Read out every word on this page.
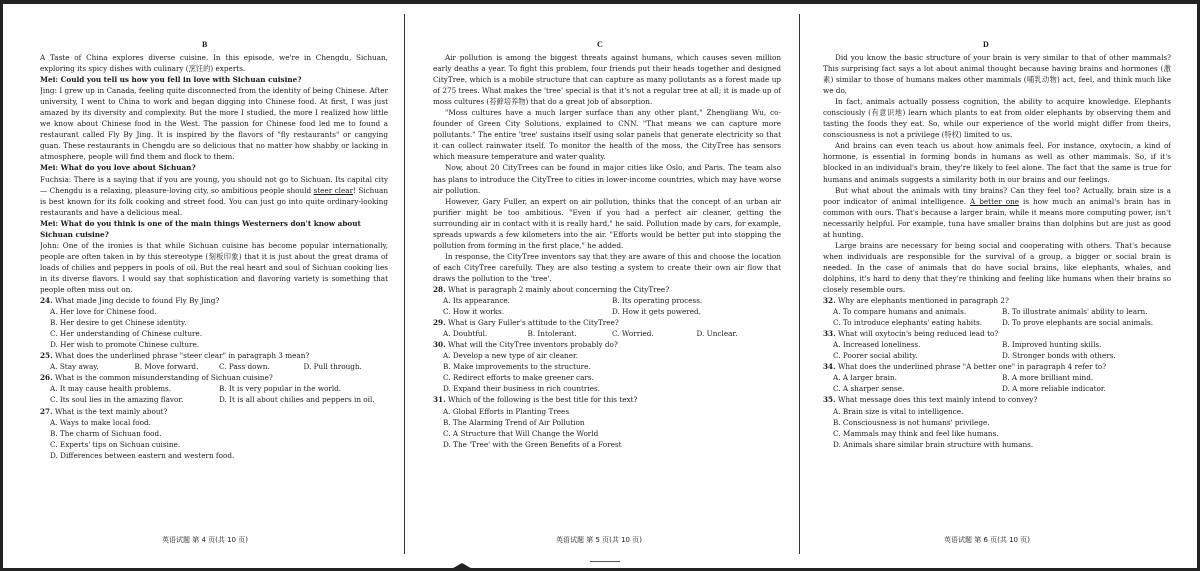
B

A Taste of China explores diverse cuisine. In this episode, we're in Chengdu, Sichuan, exploring its spicy dishes with culinary (烹饪的) experts.

Mei: Could you tell us how you fell in love with Sichuan cuisine?

Jing: I grew up in Canada, feeling quite disconnected from the identity of being Chinese. After university, I went to China to work and began digging into Chinese food. At first, I was just amazed by its diversity and complexity. But the more I studied, the more I realized how little we know about Chinese food in the West. The passion for Chinese food led me to found a restaurant called Fly By Jing. It is inspired by the flavors of "fly restaurants" or cangying guan. These restaurants in Chengdu are so delicious that no matter how shabby or lacking in atmosphere, people will find them and flock to them.

Mei: What do you love about Sichuan?

Fuchsia: There is a saying that if you are young, you should not go to Sichuan. Its capital city — Chengdu is a relaxing, pleasure-loving city, so ambitious people should steer clear! Sichuan is best known for its folk cooking and street food. You can just go into quite ordinary-looking restaurants and have a delicious meal.

Mei: What do you think is one of the main things Westerners don't know about Sichuan cuisine?

John: One of the ironies is that while Sichuan cuisine has become popular internationally, people are often taken in by this stereotype (刻板印象) that it is just about the great drama of loads of chilies and peppers in pools of oil. But the real heart and soul of Sichuan cooking lies in its diverse flavors. I would say that sophistication and flavoring variety is something that people often miss out on.

24. What made Jing decide to found Fly By Jing?

A. Her love for Chinese food.
B. Her desire to get Chinese identity.
C. Her understanding of Chinese culture.
D. Her wish to promote Chinese culture.

25. What does the underlined phrase "steer clear" in paragraph 3 mean?

A. Stay away.	B. Move forward.	C. Pass down.	D. Pull through.

26. What is the common misunderstanding of Sichuan cuisine?

A. It may cause health problems.	B. It is very popular in the world.
C. Its soul lies in the amazing flavor.	D. It is all about chilies and peppers in oil.

27. What is the text mainly about?

A. Ways to make local food.
B. The charm of Sichuan food.
C. Experts' tips on Sichuan cuisine.
D. Differences between eastern and western food.
英语试题 第 4 页(共 10 页)
C

Air pollution is among the biggest threats against humans, which causes seven million early deaths a year. To fight this problem, four friends put their heads together and designed CityTree, which is a mobile structure that can capture as many pollutants as a forest made up of 275 trees. What makes the 'tree' special is that it's not a regular tree at all; it is made up of moss cultures (苔藓培养物) that do a great job of absorption.

"Moss cultures have a much larger surface than any other plant," Zhengliang Wu, co-founder of Green City Solutions, explained to CNN. "That means we can capture more pollutants." The entire 'tree' sustains itself using solar panels that generate electricity so that it can collect rainwater itself. To monitor the health of the moss, the CityTree has sensors which measure temperature and water quality.

Now, about 20 CityTrees can be found in major cities like Oslo, and Paris. The team also has plans to introduce the CityTree to cities in lower-income countries, which may have worse air pollution.

However, Gary Fuller, an expert on air pollution, thinks that the concept of an urban air purifier might be too ambitious. "Even if you had a perfect air cleaner, getting the surrounding air in contact with it is really hard," he said. Pollution made by cars, for example, spreads upwards a few kilometers into the air. "Efforts would be better put into stopping the pollution from forming in the first place," he added.

In response, the CityTree inventors say that they are aware of this and choose the location of each CityTree carefully. They are also testing a system to create their own air flow that draws the pollution to the 'tree'.

28. What is paragraph 2 mainly about concerning the CityTree?

A. Its appearance.	B. Its operating process.
C. How it works.	D. How it gets powered.

29. What is Gary Fuller's attitude to the CityTree?

A. Doubtful.	B. Intolerant.	C. Worried.	D. Unclear.

30. What will the CityTree inventors probably do?

A. Develop a new type of air cleaner.
B. Make improvements to the structure.
C. Redirect efforts to make greener cars.
D. Expand their business in rich countries.

31. Which of the following is the best title for this text?

A. Global Efforts in Planting Trees
B. The Alarming Trend of Air Pollution
C. A Structure that Will Change the World
D. The 'Tree' with the Green Benefits of a Forest
英语试题 第 5 页(共 10 页)
D

Did you know the basic structure of your brain is very similar to that of other mammals? This surprising fact says a lot about animal thought because having brains and hormones (激素) similar to those of humans makes other mammals (哺乳动物) act, feel, and think much like we do.

In fact, animals actually possess cognition, the ability to acquire knowledge. Elephants consciously (有意识地) learn which plants to eat from older elephants by observing them and tasting the foods they eat. So, while our experience of the world might differ from theirs, consciousness is not a privilege (特权) limited to us.

And brains can even teach us about how animals feel. For instance, oxytocin, a kind of hormone, is essential in forming bonds in humans as well as other mammals. So, if it's blocked in an individual's brain, they're likely to feel alone. The fact that the same is true for humans and animals suggests a similarity both in our brains and our feelings.

But what about the animals with tiny brains? Can they feel too? Actually, brain size is a poor indicator of animal intelligence. A better one is how much an animal's brain has in common with ours. That's because a larger brain, while it means more computing power, isn't necessarily helpful. For example, tuna have smaller brains than dolphins but are just as good at hunting.

Large brains are necessary for being social and cooperating with others. That's because when individuals are responsible for the survival of a group, a bigger or social brain is needed. In the case of animals that do have social brains, like elephants, whales, and dolphins, it's hard to deny that they're thinking and feeling like humans when their brains so closely resemble ours.

32. Why are elephants mentioned in paragraph 2?

A. To compare humans and animals.	B. To illustrate animals' ability to learn.
C. To introduce elephants' eating habits.	D. To prove elephants are social animals.

33. What will oxytocin's being reduced lead to?

A. Increased loneliness.	B. Improved hunting skills.
C. Poorer social ability.	D. Stronger bonds with others.

34. What does the underlined phrase "A better one" in paragraph 4 refer to?

A. A larger brain.	B. A more brilliant mind.
C. A sharper sense.	D. A more reliable indicator.

35. What message does this text mainly intend to convey?

A. Brain size is vital to intelligence.
B. Consciousness is not humans' privilege.
C. Mammals may think and feel like humans.
D. Animals share similar brain structure with humans.
英语试题 第 6 页(共 10 页)
